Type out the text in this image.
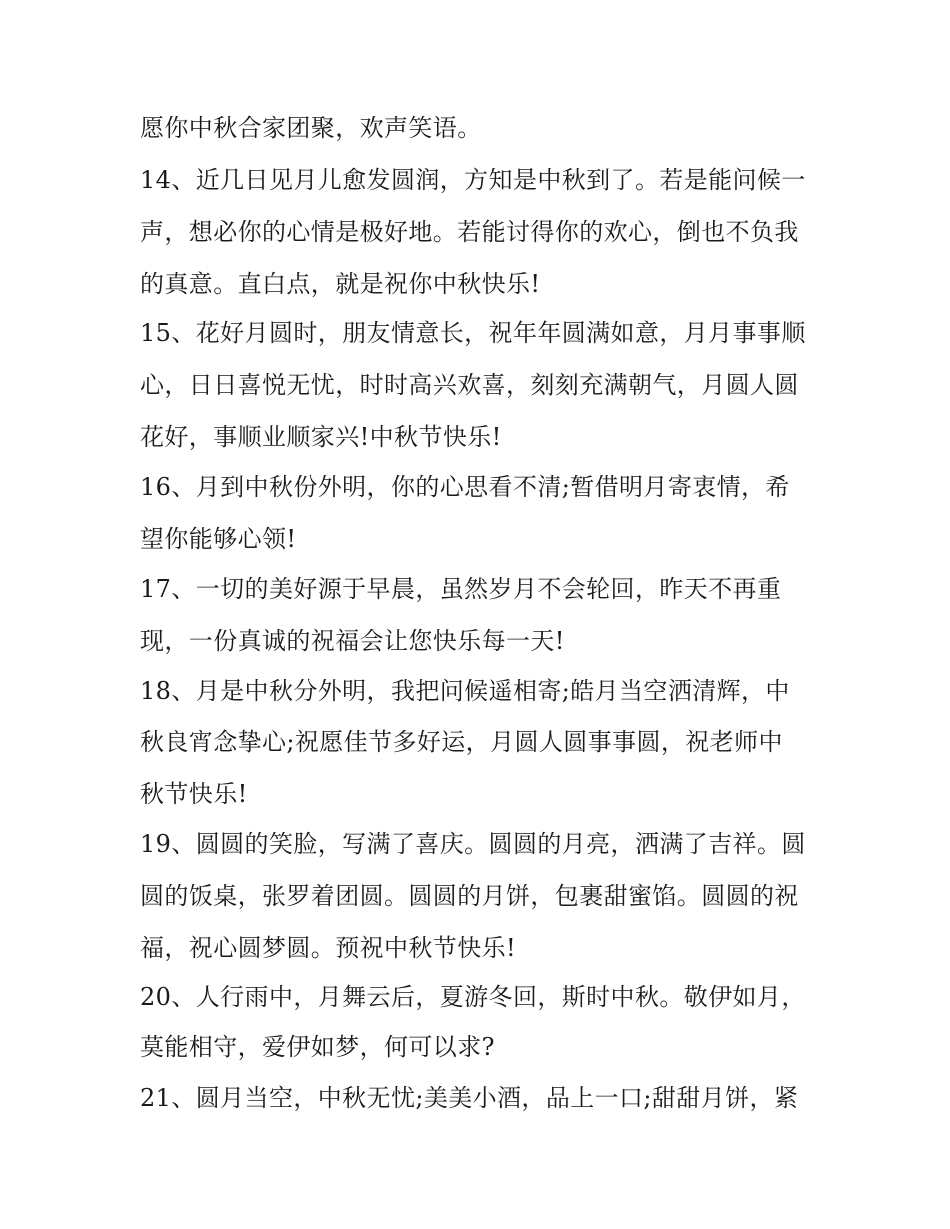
愿你中秋合家团聚，欢声笑语。
14、近几日见月儿愈发圆润，方知是中秋到了。若是能问候一
声，想必你的心情是极好地。若能讨得你的欢心，倒也不负我
的真意。直白点，就是祝你中秋快乐!
15、花好月圆时，朋友情意长，祝年年圆满如意，月月事事顺
心，日日喜悦无忧，时时高兴欢喜，刻刻充满朝气，月圆人圆
花好，事顺业顺家兴!中秋节快乐!
16、月到中秋份外明，你的心思看不清;暂借明月寄衷情，希
望你能够心领!
17、一切的美好源于早晨，虽然岁月不会轮回，昨天不再重
现，一份真诚的祝福会让您快乐每一天!
18、月是中秋分外明，我把问候遥相寄;皓月当空洒清辉，中
秋良宵念挚心;祝愿佳节多好运，月圆人圆事事圆，祝老师中
秋节快乐!
19、圆圆的笑脸，写满了喜庆。圆圆的月亮，洒满了吉祥。圆
圆的饭桌，张罗着团圆。圆圆的月饼，包裹甜蜜馅。圆圆的祝
福，祝心圆梦圆。预祝中秋节快乐!
20、人行雨中，月舞云后，夏游冬回，斯时中秋。敬伊如月，
莫能相守，爱伊如梦，何可以求?
21、圆月当空，中秋无忧;美美小酒，品上一口;甜甜月饼，紧
